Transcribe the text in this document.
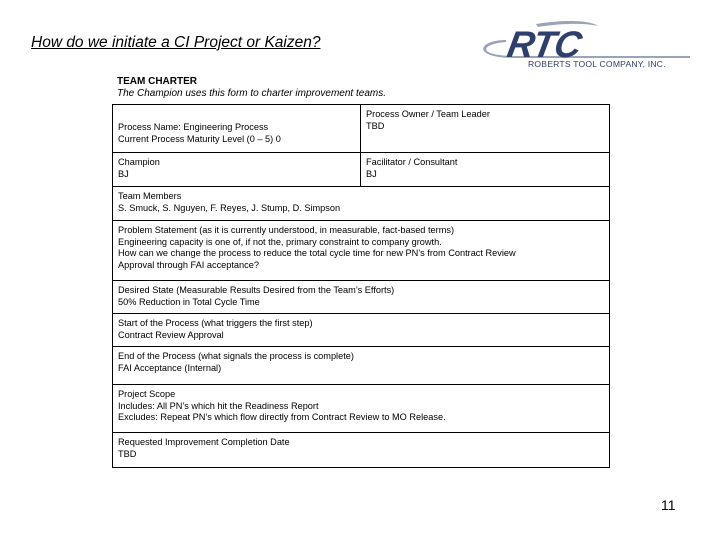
How do we initiate a CI Project or Kaizen?	RTC
ROBERTS TOOL COMPANY, INC.
TEAM CHARTER
The Champion uses this form to charter improvement teams.
Process Name: Engineering Process
Current Process Maturity Level (0 – 5) 0
Process Owner / Team Leader
TBD
Champion
BJ
Facilitator / Consultant
BJ
Team Members
S. Smuck, S. Nguyen, F. Reyes, J. Stump, D. Simpson
Problem Statement (as it is currently understood, in measurable, fact-based terms)
Engineering capacity is one of, if not the, primary constraint to company growth.
How can we change the process to reduce the total cycle time for new PN’s from Contract Review
Approval through FAI acceptance?
Desired State (Measurable Results Desired from the Team’s Efforts)
50% Reduction in Total Cycle Time
Start of the Process (what triggers the first step)
Contract Review Approval
End of the Process (what signals the process is complete)
FAI Acceptance (Internal)
Project Scope
Includes: All PN’s which hit the Readiness Report
Excludes: Repeat PN’s which flow directly from Contract Review to MO Release.
Requested Improvement Completion Date
TBD
11
